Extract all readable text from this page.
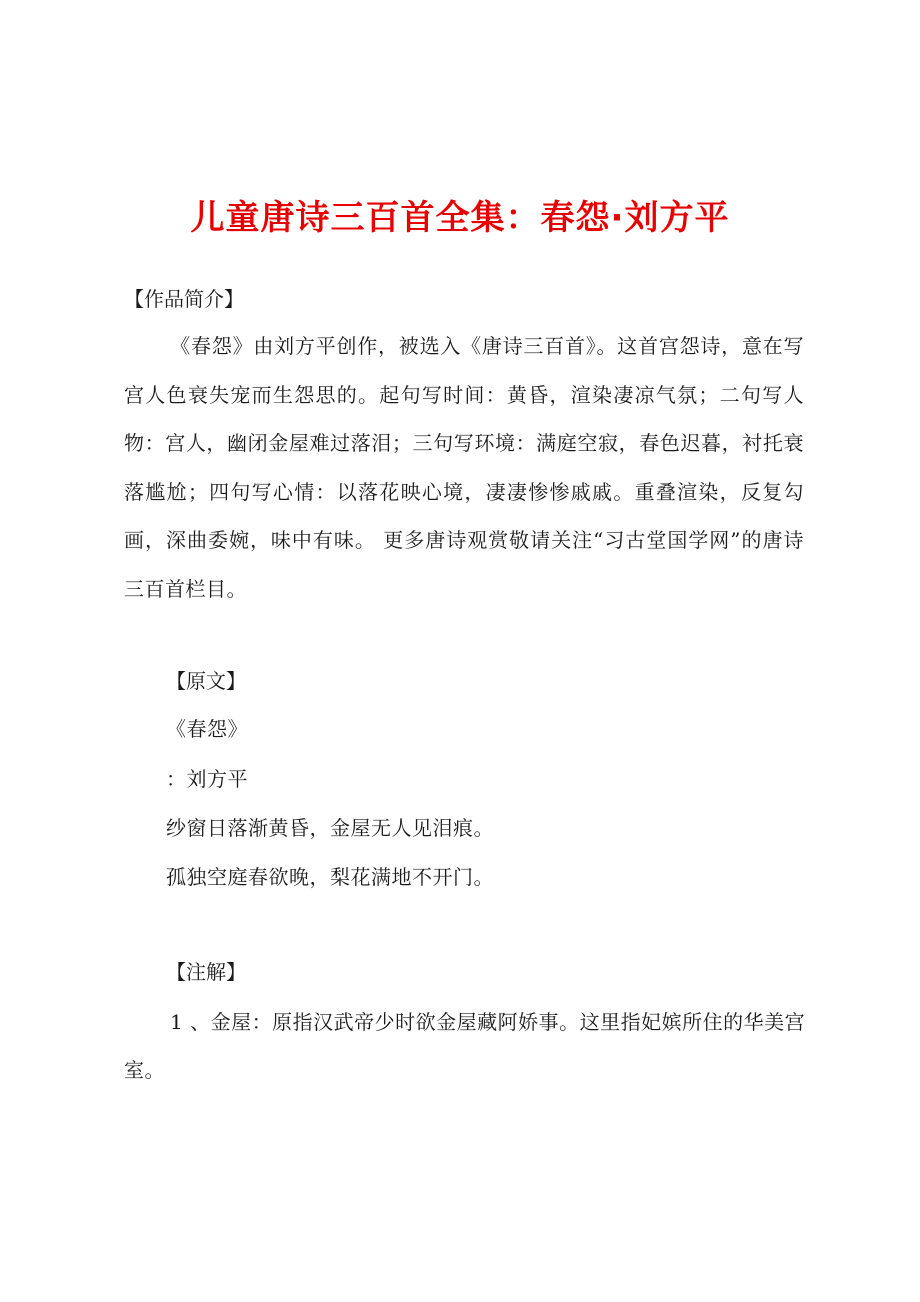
儿童唐诗三百首全集：春怨·刘方平

【作品简介】

《春怨》由刘方平创作，被选入《唐诗三百首》。这首宫怨诗，意在写宫人色衰失宠而生怨思的。起句写时间：黄昏，渲染凄凉气氛；二句写人物：宫人，幽闭金屋难过落泪；三句写环境：满庭空寂，春色迟暮，衬托衰落尴尬；四句写心情：以落花映心境，凄凄惨惨戚戚。重叠渲染，反复勾画，深曲委婉，味中有味。 更多唐诗观赏敬请关注“习古堂国学网”的唐诗三百首栏目。

【原文】

《春怨》

：刘方平

纱窗日落渐黄昏，金屋无人见泪痕。

孤独空庭春欲晚，梨花满地不开门。

【注解】

1 、金屋：原指汉武帝少时欲金屋藏阿娇事。这里指妃嫔所住的华美宫室。
